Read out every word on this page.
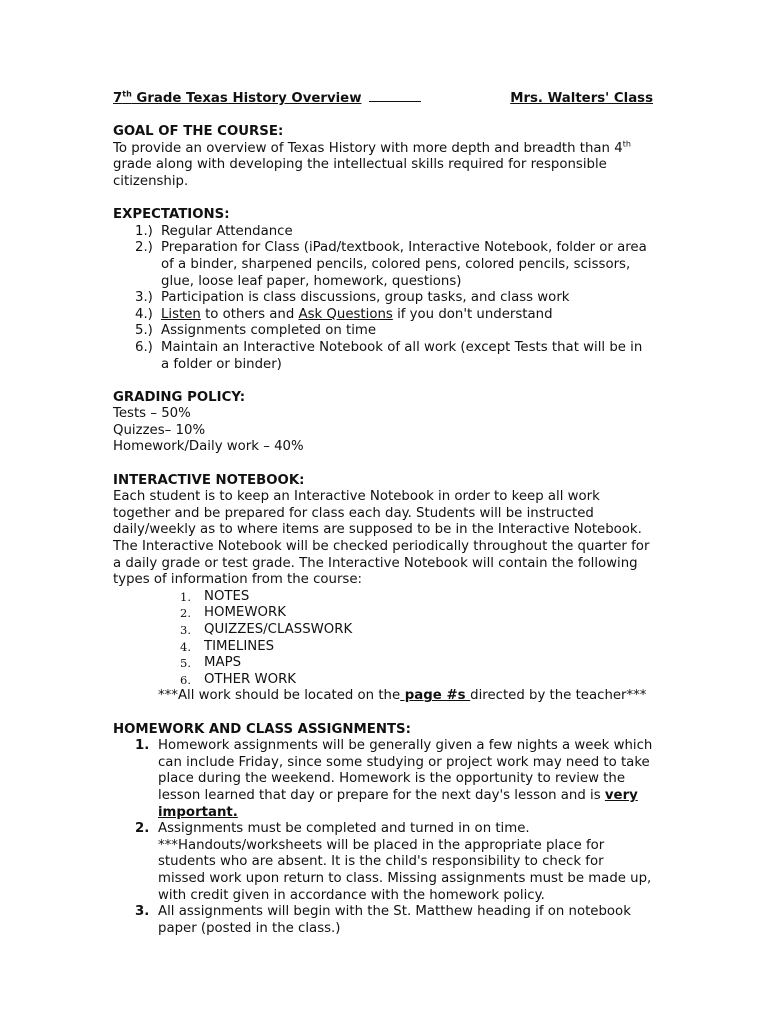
7th Grade Texas History Overview	Mrs. Walters' Class
GOAL OF THE COURSE:
To provide an overview of Texas History with more depth and breadth than 4th grade along with developing the intellectual skills required for responsible citizenship.
EXPECTATIONS:
1.) Regular Attendance
2.) Preparation for Class (iPad/textbook, Interactive Notebook, folder or area of a binder, sharpened pencils, colored pens, colored pencils, scissors, glue, loose leaf paper, homework, questions)
3.) Participation is class discussions, group tasks, and class work
4.) Listen to others and Ask Questions if you don't understand
5.) Assignments completed on time
6.) Maintain an Interactive Notebook of all work (except Tests that will be in a folder or binder)
GRADING POLICY:
Tests – 50%
Quizzes– 10%
Homework/Daily work – 40%
INTERACTIVE NOTEBOOK:
Each student is to keep an Interactive Notebook in order to keep all work together and be prepared for class each day. Students will be instructed daily/weekly as to where items are supposed to be in the Interactive Notebook. The Interactive Notebook will be checked periodically throughout the quarter for a daily grade or test grade. The Interactive Notebook will contain the following types of information from the course:
1. NOTES
2. HOMEWORK
3. QUIZZES/CLASSWORK
4. TIMELINES
5. MAPS
6. OTHER WORK
***All work should be located on the page #s directed by the teacher***
HOMEWORK AND CLASS ASSIGNMENTS:
1. Homework assignments will be generally given a few nights a week which can include Friday, since some studying or project work may need to take place during the weekend. Homework is the opportunity to review the lesson learned that day or prepare for the next day's lesson and is very important.
2. Assignments must be completed and turned in on time. ***Handouts/worksheets will be placed in the appropriate place for students who are absent. It is the child's responsibility to check for missed work upon return to class. Missing assignments must be made up, with credit given in accordance with the homework policy.
3. All assignments will begin with the St. Matthew heading if on notebook paper (posted in the class.)
